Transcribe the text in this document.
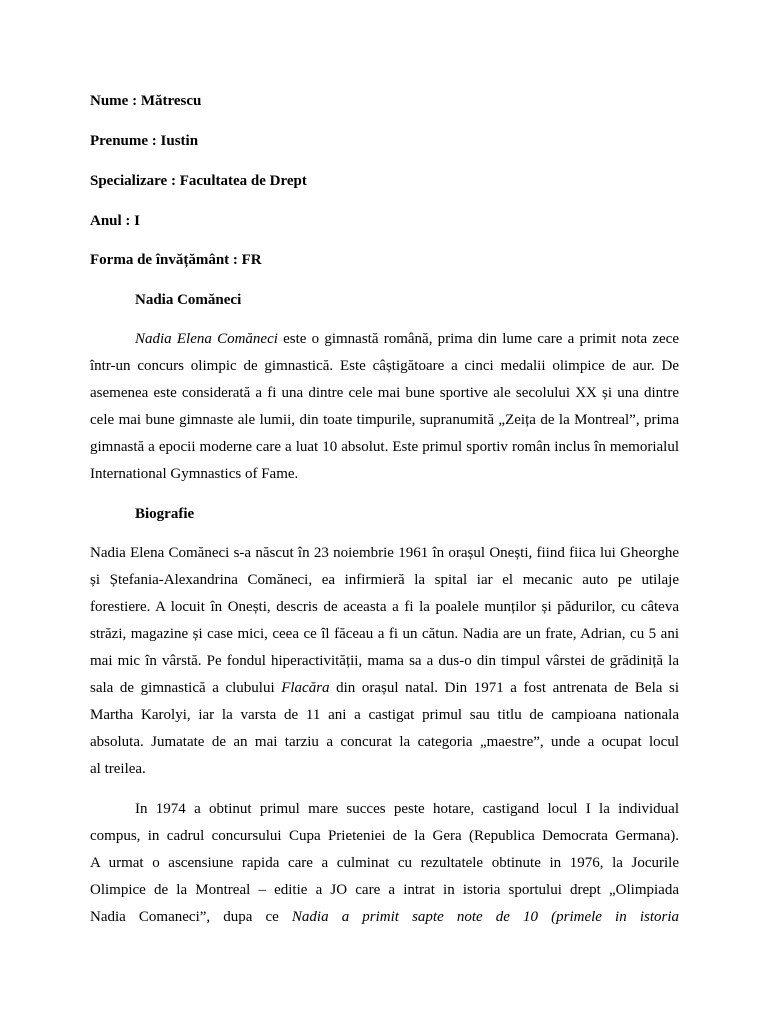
Nume : Mătrescu
Prenume : Iustin
Specializare : Facultatea de Drept
Anul : I
Forma de învățământ : FR
Nadia Comăneci
Nadia Elena Comăneci este o gimnastă română, prima din lume care a primit nota zece
într-un concurs olimpic de gimnastică. Este câștigătoare a cinci medalii olimpice de aur. De
asemenea este considerată a fi una dintre cele mai bune sportive ale secolului XX și una dintre
cele mai bune gimnaste ale lumii, din toate timpurile, supranumită „Zeița de la Montreal”, prima
gimnastă a epocii moderne care a luat 10 absolut. Este primul sportiv român inclus în memorialul
International Gymnastics of Fame.
Biografie
Nadia Elena Comăneci s-a născut în 23 noiembrie 1961 în orașul Onești, fiind fiica lui Gheorghe
și Ștefania-Alexandrina Comăneci, ea infirmieră la spital iar el mecanic auto pe utilaje
forestiere. A locuit în Onești, descris de aceasta a fi la poalele munților și pădurilor, cu câteva
străzi, magazine și case mici, ceea ce îl făceau a fi un cătun. Nadia are un frate, Adrian, cu 5 ani
mai mic în vârstă. Pe fondul hiperactivității, mama sa a dus-o din timpul vârstei de grădiniță la
sala de gimnastică a clubului Flacăra din orașul natal. Din 1971 a fost antrenata de Bela si
Martha Karolyi, iar la varsta de 11 ani a castigat primul sau titlu de campioana nationala
absoluta. Jumatate de an mai tarziu a concurat la categoria „maestre”, unde a ocupat locul
al treilea.
In 1974 a obtinut primul mare succes peste hotare, castigand locul I la individual
compus, in cadrul concursului Cupa Prieteniei de la Gera (Republica Democrata Germana).
A urmat o ascensiune rapida care a culminat cu rezultatele obtinute in 1976, la Jocurile
Olimpice de la Montreal – editie a JO care a intrat in istoria sportului drept „Olimpiada
Nadia Comaneci”, dupa ce Nadia a primit sapte note de 10 (primele in istoria
